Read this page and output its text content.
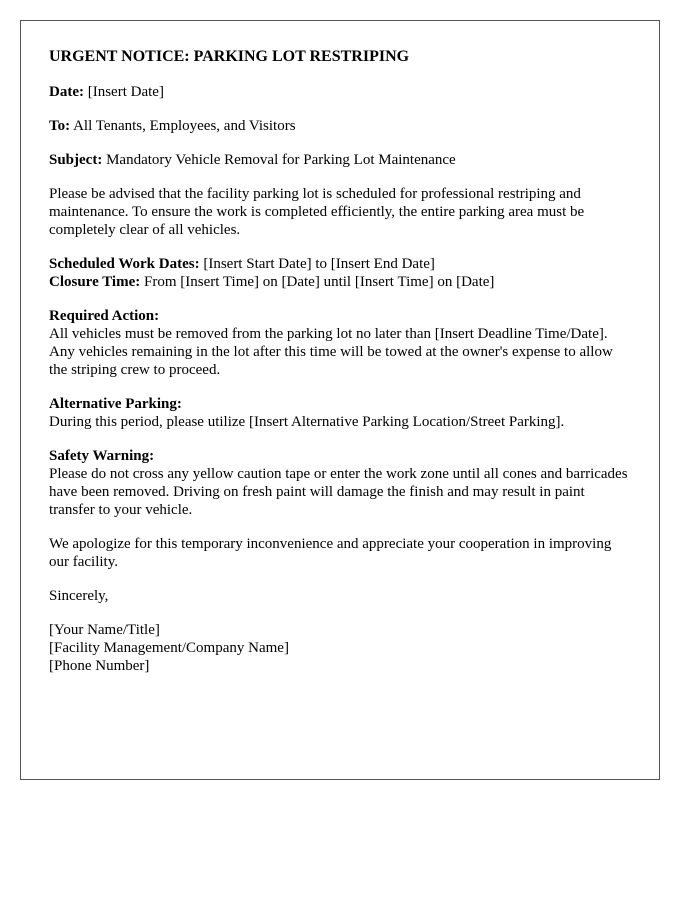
URGENT NOTICE: PARKING LOT RESTRIPING

Date: [Insert Date]

To: All Tenants, Employees, and Visitors

Subject: Mandatory Vehicle Removal for Parking Lot Maintenance

Please be advised that the facility parking lot is scheduled for professional restriping and maintenance. To ensure the work is completed efficiently, the entire parking area must be completely clear of all vehicles.

Scheduled Work Dates: [Insert Start Date] to [Insert End Date]

Closure Time: From [Insert Time] on [Date] until [Insert Time] on [Date]

Required Action:

All vehicles must be removed from the parking lot no later than [Insert Deadline Time/Date]. Any vehicles remaining in the lot after this time will be towed at the owner's expense to allow the striping crew to proceed.

Alternative Parking:

During this period, please utilize [Insert Alternative Parking Location/Street Parking].

Safety Warning:

Please do not cross any yellow caution tape or enter the work zone until all cones and barricades have been removed. Driving on fresh paint will damage the finish and may result in paint transfer to your vehicle.

We apologize for this temporary inconvenience and appreciate your cooperation in improving our facility.

Sincerely,

[Your Name/Title]
[Facility Management/Company Name]
[Phone Number]
